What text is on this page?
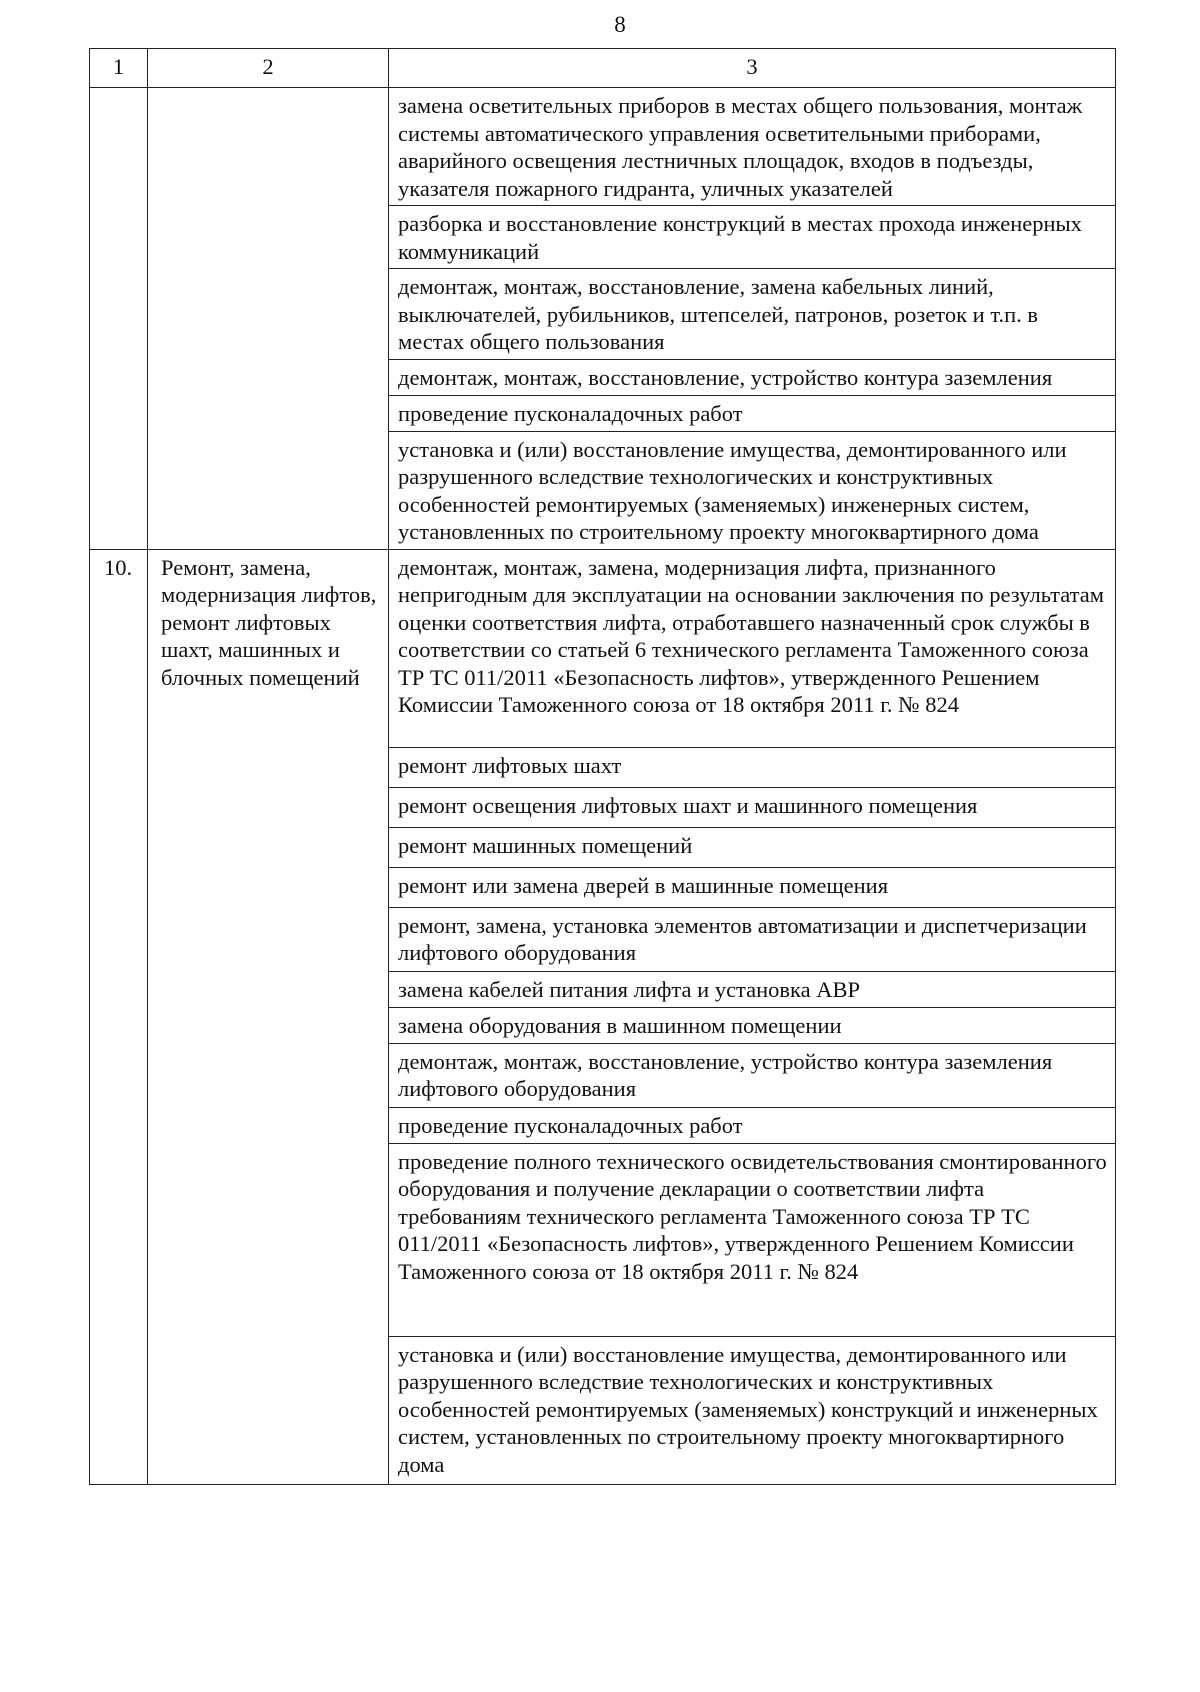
8
1	2	3
		замена осветительных приборов в местах общего пользования, монтаж системы автоматического управления осветительными приборами, аварийного освещения лестничных площадок, входов в подъезды, указателя пожарного гидранта, уличных указателей
		разборка и восстановление конструкций в местах прохода инженерных коммуникаций
		демонтаж, монтаж, восстановление, замена кабельных линий, выключателей, рубильников, штепселей, патронов, розеток и т.п. в местах общего пользования
		демонтаж, монтаж, восстановление, устройство контура заземления
		проведение пусконаладочных работ
		установка и (или) восстановление имущества, демонтированного или разрушенного вследствие технологических и конструктивных особенностей ремонтируемых (заменяемых) инженерных систем, установленных по строительному проекту многоквартирного дома
10.	Ремонт, замена, модернизация лифтов, ремонт лифтовых шахт, машинных и блочных помещений	демонтаж, монтаж, замена, модернизация лифта, признанного непригодным для эксплуатации на основании заключения по результатам оценки соответствия лифта, отработавшего назначенный срок службы в соответствии со статьей 6 технического регламента Таможенного союза ТР ТС 011/2011 «Безопасность лифтов», утвержденного Решением Комиссии Таможенного союза от 18 октября 2011 г. № 824
		ремонт лифтовых шахт
		ремонт освещения лифтовых шахт и машинного помещения
		ремонт машинных помещений
		ремонт или замена дверей в машинные помещения
		ремонт, замена, установка элементов автоматизации и диспетчеризации лифтового оборудования
		замена кабелей питания лифта и установка АВР
		замена оборудования в машинном помещении
		демонтаж, монтаж, восстановление, устройство контура заземления лифтового оборудования
		проведение пусконаладочных работ
		проведение полного технического освидетельствования смонтированного оборудования и получение декларации о соответствии лифта требованиям технического регламента Таможенного союза ТР ТС 011/2011 «Безопасность лифтов», утвержденного Решением Комиссии Таможенного союза от 18 октября 2011 г. № 824
		установка и (или) восстановление имущества, демонтированного или разрушенного вследствие технологических и конструктивных особенностей ремонтируемых (заменяемых) конструкций и инженерных систем, установленных по строительному проекту многоквартирного дома
